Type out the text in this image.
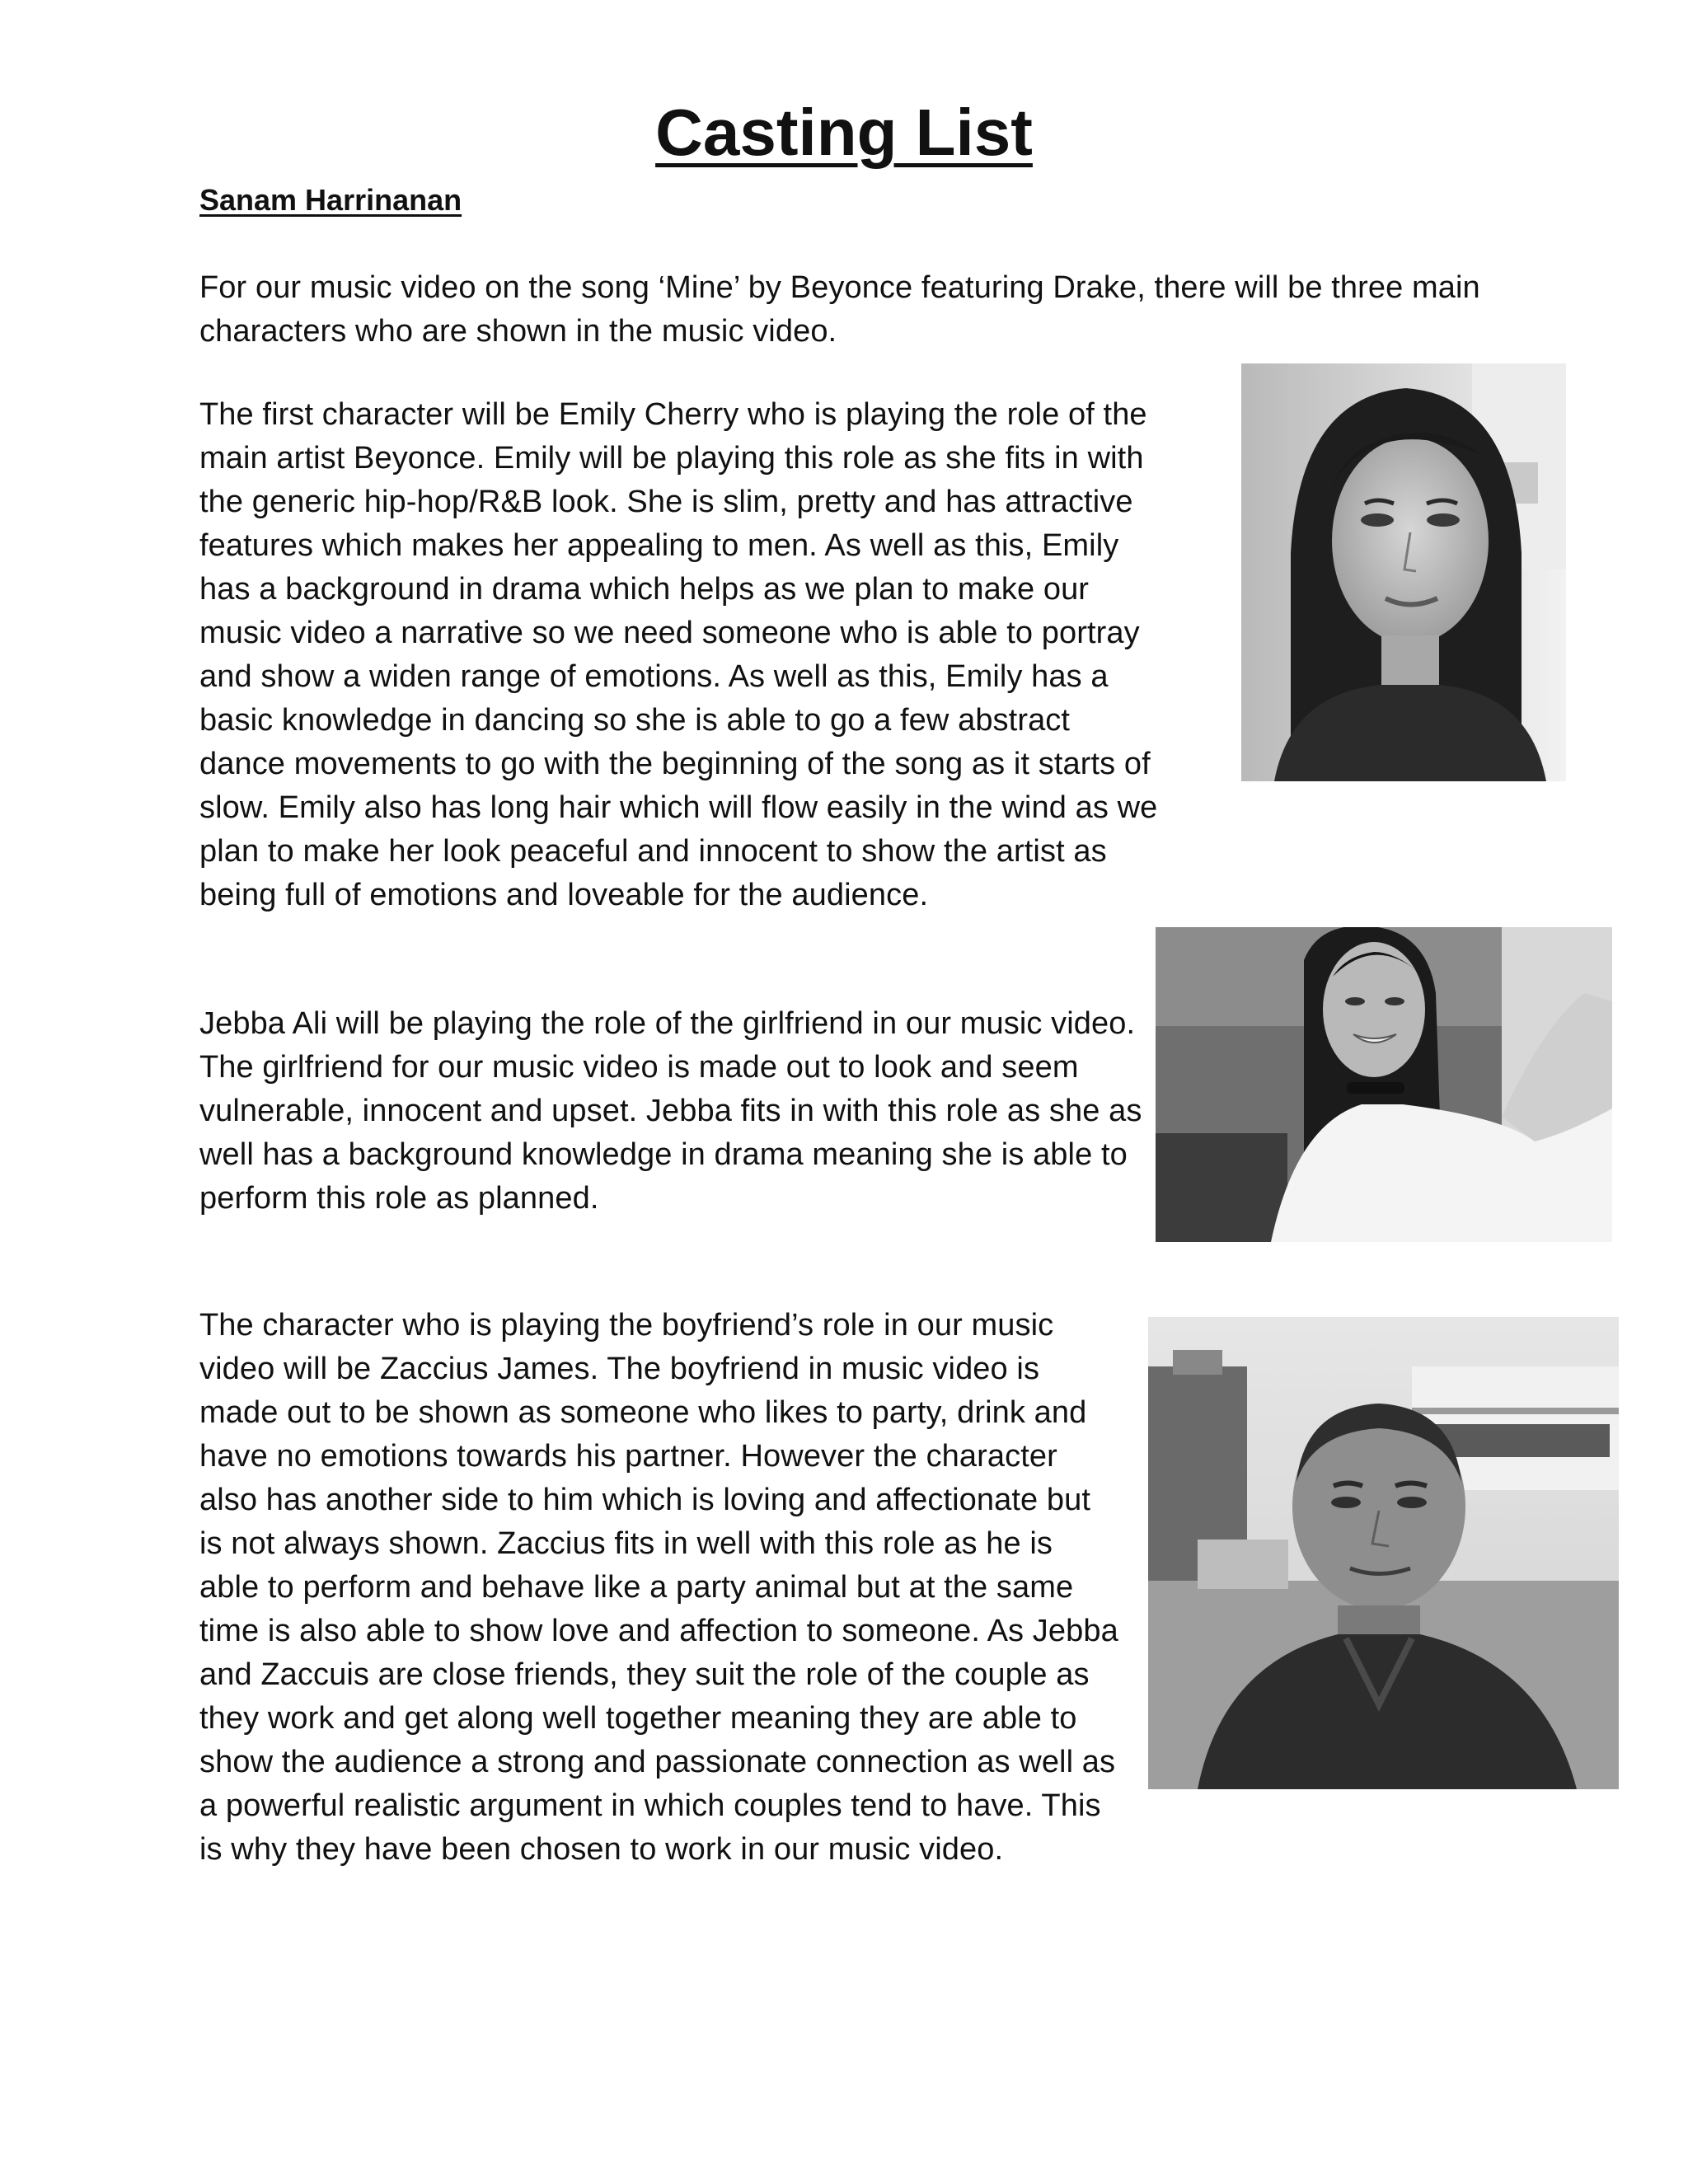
Casting List

Sanam Harrinanan

For our music video on the song ‘Mine’ by Beyonce featuring Drake, there will be three main characters who are shown in the music video.

The first character will be Emily Cherry who is playing the role of the main artist Beyonce. Emily will be playing this role as she fits in with the generic hip-hop/R&B look. She is slim, pretty and has attractive features which makes her appealing to men. As well as this, Emily has a background in drama which helps as we plan to make our music video a narrative so we need someone who is able to portray and show a widen range of emotions. As well as this, Emily has a basic knowledge in dancing so she is able to go a few abstract dance movements to go with the beginning of the song as it starts of slow. Emily also has long hair which will flow easily in the wind as we plan to make her look peaceful and innocent to show the artist as being full of emotions and loveable for the audience.

Jebba Ali will be playing the role of the girlfriend in our music video. The girlfriend for our music video is made out to look and seem vulnerable, innocent and upset. Jebba fits in with this role as she as well has a background knowledge in drama meaning she is able to perform this role as planned.

The character who is playing the boyfriend’s role in our music video will be Zaccius James. The boyfriend in music video is made out to be shown as someone who likes to party, drink and have no emotions towards his partner. However the character also has another side to him which is loving and affectionate but is not always shown. Zaccius fits in well with this role as he is able to perform and behave like a party animal but at the same time is also able to show love and affection to someone. As Jebba and Zaccuis are close friends, they suit the role of the couple as they work and get along well together meaning they are able to show the audience a strong and passionate connection as well as a powerful realistic argument in which couples tend to have. This is why they have been chosen to work in our music video.
